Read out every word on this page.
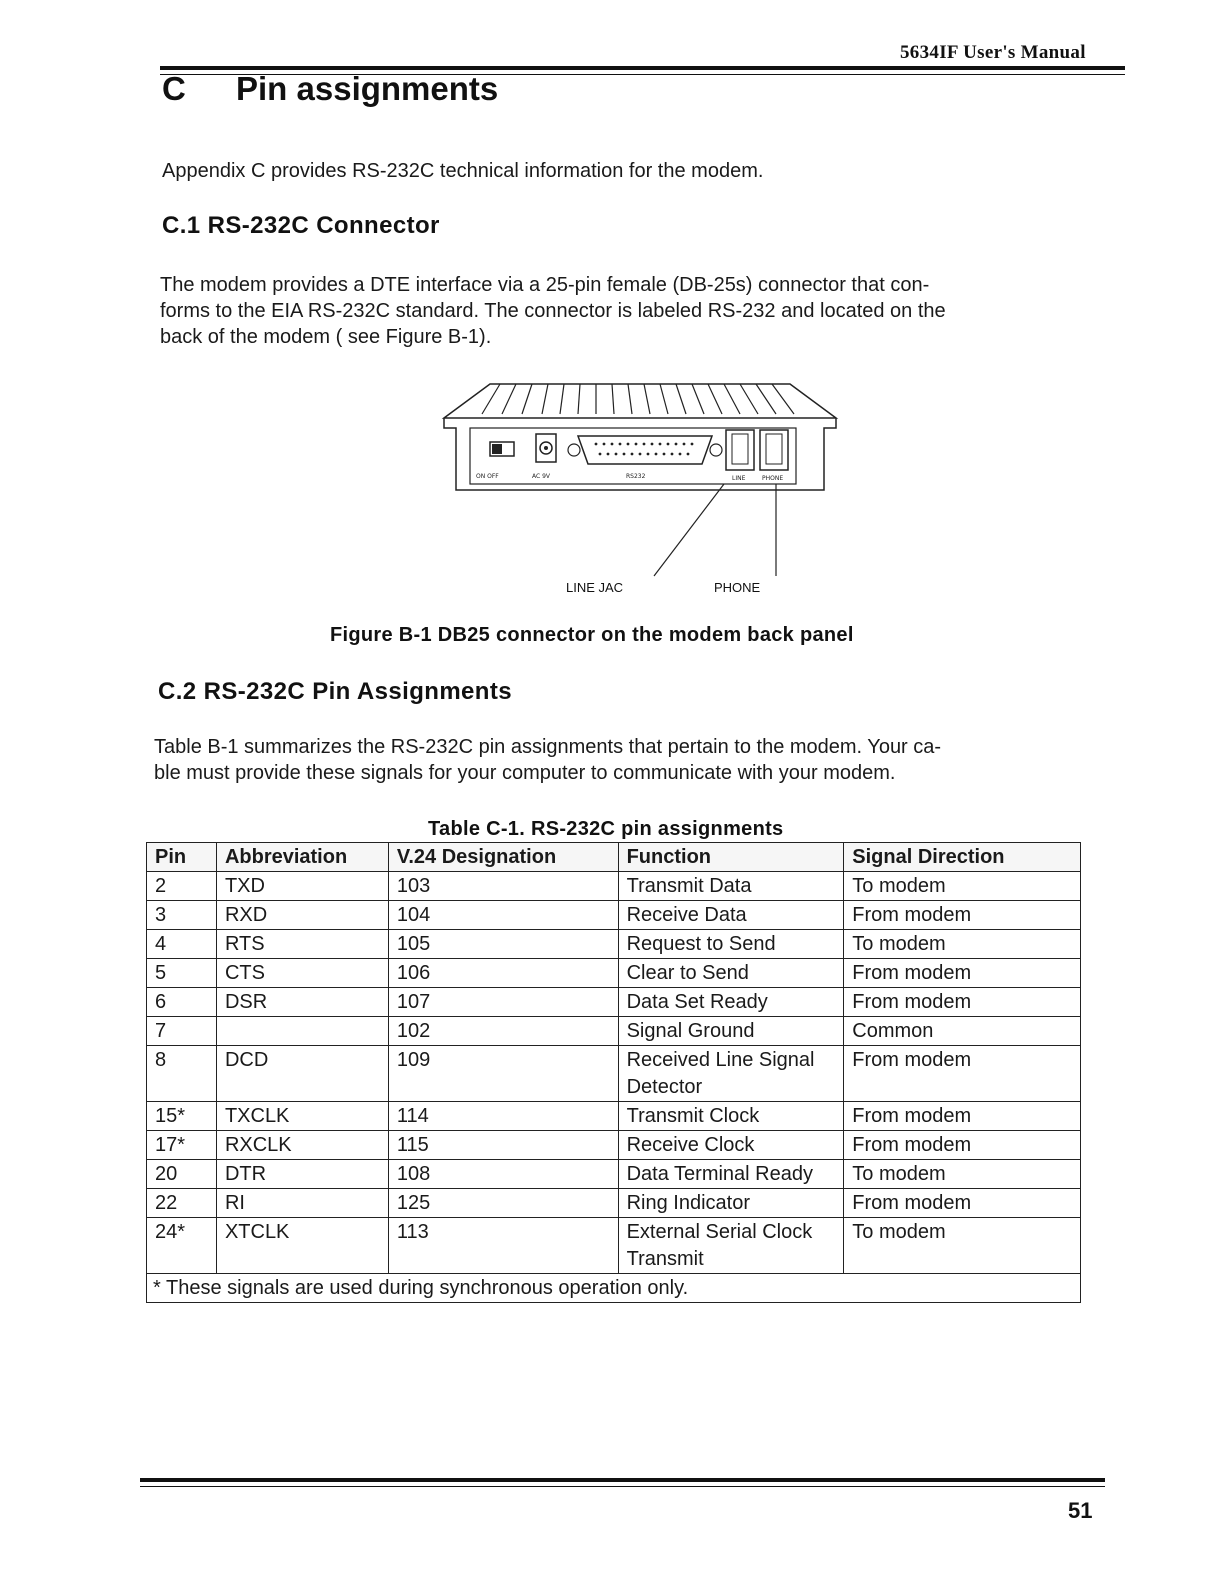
5634IF User's Manual
C Pin assignments
Appendix C provides RS-232C technical information for the modem.
C.1 RS-232C Connector
The modem provides a DTE interface via a 25-pin female (DB-25s) connector that con-
forms to the EIA RS-232C standard. The connector is labeled RS-232 and located on the
back of the modem ( see Figure B-1).
ON OFF	AC 9V	RS232	LINE	PHONE
LINE JAC	PHONE
Figure B-1 DB25 connector on the modem back panel
C.2 RS-232C Pin Assignments
Table B-1 summarizes the RS-232C pin assignments that pertain to the modem. Your ca-
ble must provide these signals for your computer to communicate with your modem.
Table C-1. RS-232C pin assignments
Pin	Abbreviation	V.24 Designation	Function	Signal Direction
2	TXD	103	Transmit Data	To modem
3	RXD	104	Receive Data	From modem
4	RTS	105	Request to Send	To modem
5	CTS	106	Clear to Send	From modem
6	DSR	107	Data Set Ready	From modem
7		102	Signal Ground	Common
8	DCD	109	Received Line Signal Detector	From modem
15*	TXCLK	114	Transmit Clock	From modem
17*	RXCLK	115	Receive Clock	From modem
20	DTR	108	Data Terminal Ready	To modem
22	RI	125	Ring Indicator	From modem
24*	XTCLK	113	External Serial Clock Transmit	To modem
* These signals are used during synchronous operation only.				
51
